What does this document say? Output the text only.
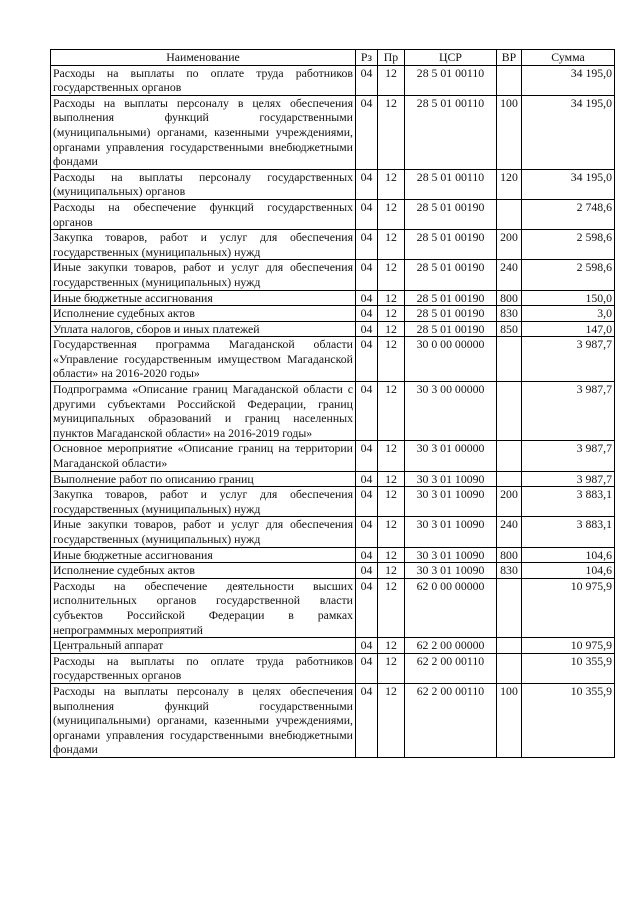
Наименование	Рз	Пр	ЦСР	ВР	Сумма
Расходы на выплаты по оплате труда работников государственных органов	04	12	28 5 01 00110		34 195,0
Расходы на выплаты персоналу в целях обеспечения выполнения функций государственными (муниципальными) органами, казенными учреждениями, органами управления государственными внебюджетными фондами	04	12	28 5 01 00110	100	34 195,0
Расходы на выплаты персоналу государственных (муниципальных) органов	04	12	28 5 01 00110	120	34 195,0
Расходы на обеспечение функций государственных органов	04	12	28 5 01 00190		2 748,6
Закупка товаров, работ и услуг для обеспечения государственных (муниципальных) нужд	04	12	28 5 01 00190	200	2 598,6
Иные закупки товаров, работ и услуг для обеспечения государственных (муниципальных) нужд	04	12	28 5 01 00190	240	2 598,6
Иные бюджетные ассигнования	04	12	28 5 01 00190	800	150,0
Исполнение судебных актов	04	12	28 5 01 00190	830	3,0
Уплата налогов, сборов и иных платежей	04	12	28 5 01 00190	850	147,0
Государственная программа Магаданской области «Управление государственным имуществом Магаданской области» на 2016-2020 годы»	04	12	30 0 00 00000		3 987,7
Подпрограмма «Описание границ Магаданской области с другими субъектами Российской Федерации, границ муниципальных образований и границ населенных пунктов Магаданской области» на 2016-2019 годы»	04	12	30 3 00 00000		3 987,7
Основное мероприятие «Описание границ на территории Магаданской области»	04	12	30 3 01 00000		3 987,7
Выполнение работ по описанию границ	04	12	30 3 01 10090		3 987,7
Закупка товаров, работ и услуг для обеспечения государственных (муниципальных) нужд	04	12	30 3 01 10090	200	3 883,1
Иные закупки товаров, работ и услуг для обеспечения государственных (муниципальных) нужд	04	12	30 3 01 10090	240	3 883,1
Иные бюджетные ассигнования	04	12	30 3 01 10090	800	104,6
Исполнение судебных актов	04	12	30 3 01 10090	830	104,6
Расходы на обеспечение деятельности высших исполнительных органов государственной власти субъектов Российской Федерации в рамках непрограммных мероприятий	04	12	62 0 00 00000		10 975,9
Центральный аппарат	04	12	62 2 00 00000		10 975,9
Расходы на выплаты по оплате труда работников государственных органов	04	12	62 2 00 00110		10 355,9
Расходы на выплаты персоналу в целях обеспечения выполнения функций государственными (муниципальными) органами, казенными учреждениями, органами управления государственными внебюджетными фондами	04	12	62 2 00 00110	100	10 355,9
